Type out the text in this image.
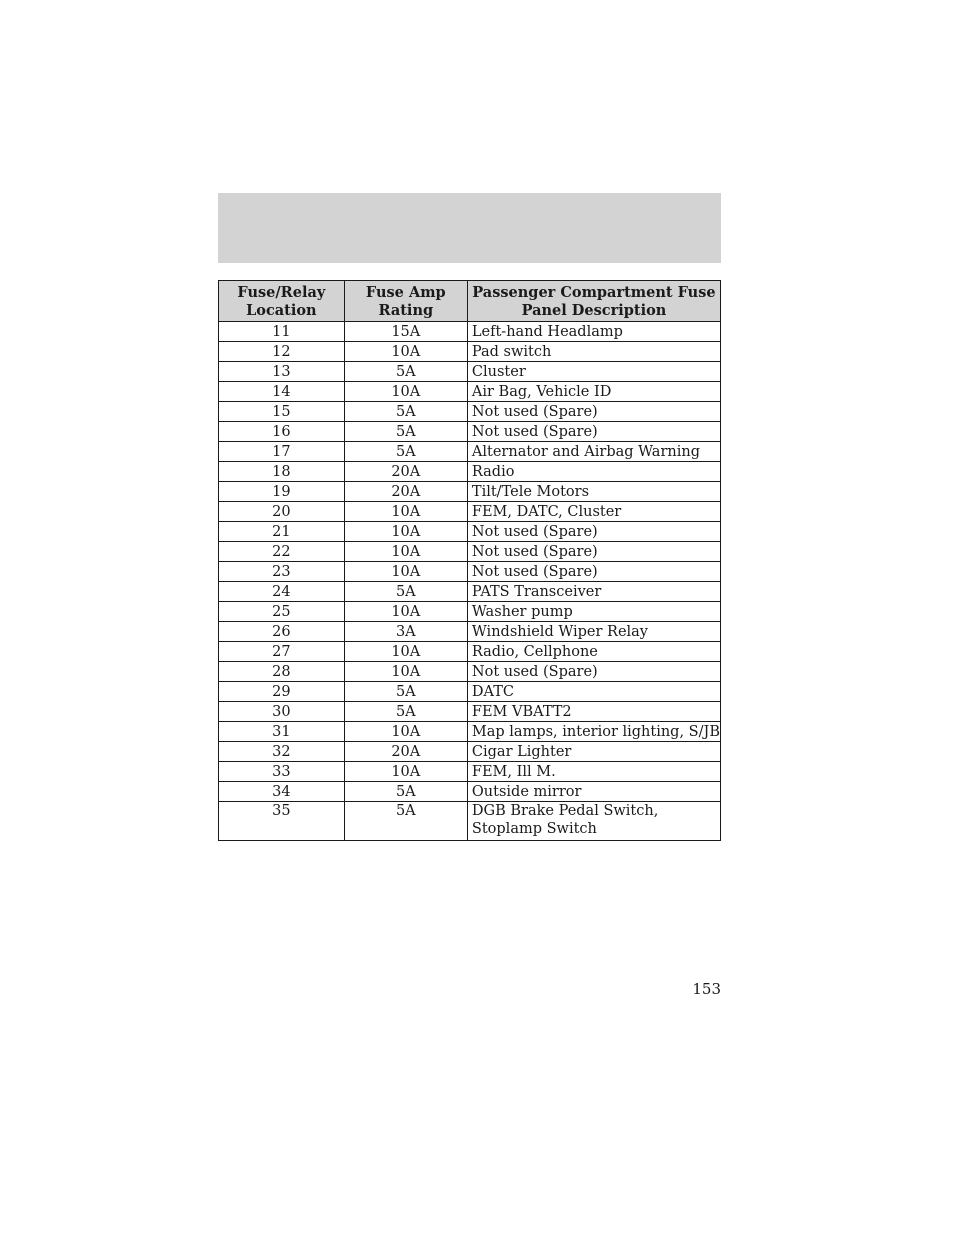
Fuse/Relay Location	Fuse Amp Rating	Passenger Compartment Fuse Panel Description
11	15A	Left-hand Headlamp
12	10A	Pad switch
13	5A	Cluster
14	10A	Air Bag, Vehicle ID
15	5A	Not used (Spare)
16	5A	Not used (Spare)
17	5A	Alternator and Airbag Warning
18	20A	Radio
19	20A	Tilt/Tele Motors
20	10A	FEM, DATC, Cluster
21	10A	Not used (Spare)
22	10A	Not used (Spare)
23	10A	Not used (Spare)
24	5A	PATS Transceiver
25	10A	Washer pump
26	3A	Windshield Wiper Relay
27	10A	Radio, Cellphone
28	10A	Not used (Spare)
29	5A	DATC
30	5A	FEM VBATT2
31	10A	Map lamps, interior lighting, S/JB
32	20A	Cigar Lighter
33	10A	FEM, Ill M.
34	5A	Outside mirror
35	5A	DGB Brake Pedal Switch, Stoplamp Switch
153
